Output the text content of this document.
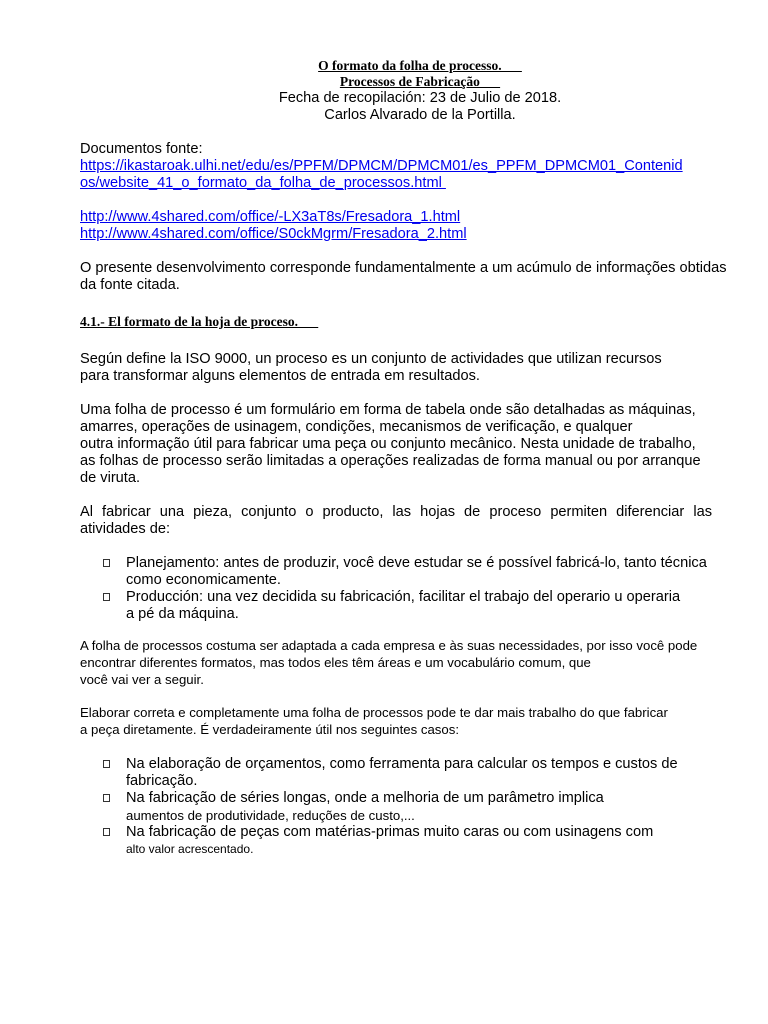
O formato da folha de processo.

Processos de Fabricação

Fecha de recopilación: 23 de Julio de 2018.

Carlos Alvarado de la Portilla.

Documentos fonte:

https://ikastaroak.ulhi.net/edu/es/PPFM/DPMCM/DPMCM01/es_PPFM_DPMCM01_Contenid
os/website_41_o_formato_da_folha_de_processos.html
http://www.4shared.com/office/-LX3aT8s/Fresadora_1.html
http://www.4shared.com/office/S0ckMgrm/Fresadora_2.html

O presente desenvolvimento corresponde fundamentalmente a um acúmulo de informações obtidas

da fonte citada.

4.1.- El formato de la hoja de proceso.

Según define la ISO 9000, un proceso es un conjunto de actividades que utilizan recursos

para transformar alguns elementos de entrada em resultados.

Uma folha de processo é um formulário em forma de tabela onde são detalhadas as máquinas,

amarres, operações de usinagem, condições, mecanismos de verificação, e qualquer

outra informação útil para fabricar uma peça ou conjunto mecânico. Nesta unidade de trabalho,

as folhas de processo serão limitadas a operações realizadas de forma manual ou por arranque

de viruta.

Al fabricar una pieza, conjunto o producto, las hojas de proceso permiten diferenciar las

atividades de:

Planejamento: antes de produzir, você deve estudar se é possível fabricá-lo, tanto técnica
como economicamente.
Producción: una vez decidida su fabricación, facilitar el trabajo del operario u operaria
a pé da máquina.

A folha de processos costuma ser adaptada a cada empresa e às suas necessidades, por isso você pode

encontrar diferentes formatos, mas todos eles têm áreas e um vocabulário comum, que

você vai ver a seguir.

Elaborar correta e completamente uma folha de processos pode te dar mais trabalho do que fabricar

a peça diretamente. É verdadeiramente útil nos seguintes casos:

Na elaboração de orçamentos, como ferramenta para calcular os tempos e custos de
fabricação.
Na fabricação de séries longas, onde a melhoria de um parâmetro implica
aumentos de produtividade, reduções de custo,...
Na fabricação de peças com matérias-primas muito caras ou com usinagens com
alto valor acrescentado.
